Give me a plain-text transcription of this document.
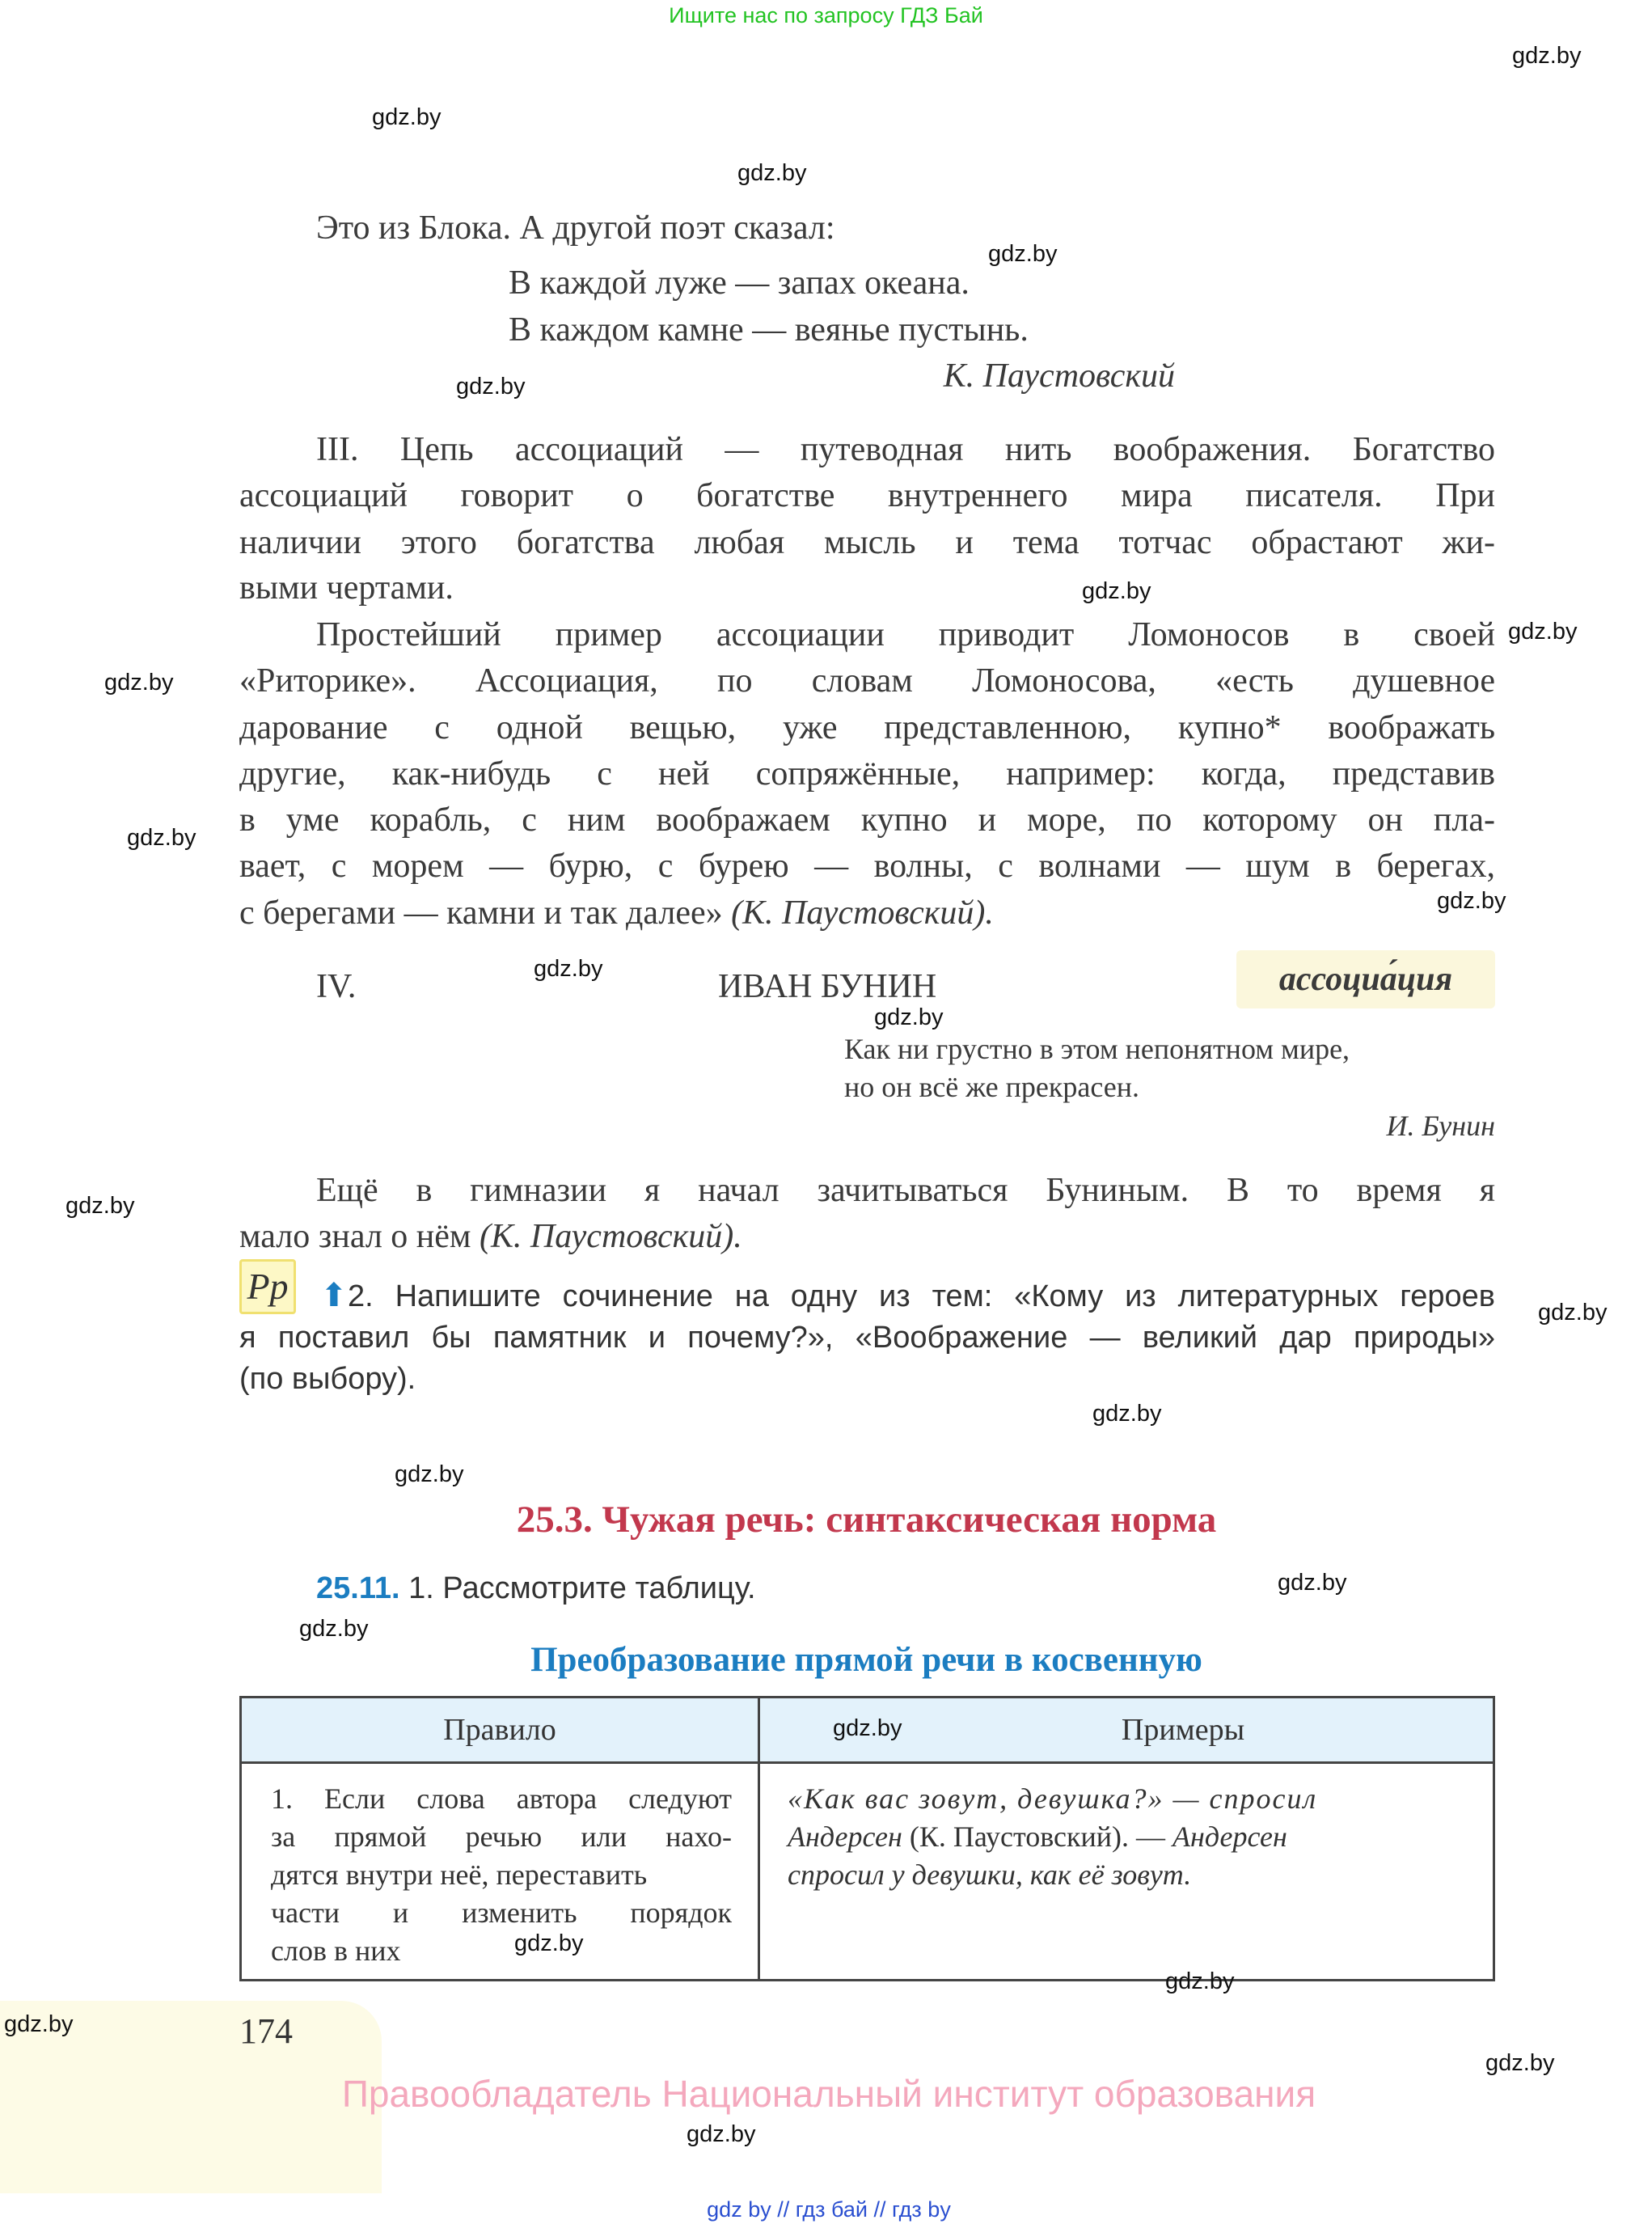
Ищите нас по запросу ГДЗ Бай
Это из Блока. А другой поэт сказал:
В каждой луже — запах океана.
В каждом камне — веянье пустынь.
К. Паустовский
III. Цепь ассоциаций — путеводная нить воображения. Богатство
ассоциаций говорит о богатстве внутреннего мира писателя. При
наличии этого богатства любая мысль и тема тотчас обрастают жи-
выми чертами.
Простейший пример ассоциации приводит Ломоносов в своей
«Риторике». Ассоциация, по словам Ломоносова, «есть душевное
дарование с одной вещью, уже представленною, купно* воображать
другие, как-нибудь с ней сопряжённые, например: когда, представив
в уме корабль, с ним воображаем купно и море, по которому он пла-
вает, с морем — бурю, с бурею — волны, с волнами — шум в берегах,
с берегами — камни и так далее» (К. Паустовский).
IV.	ИВАН БУНИН	ассоциа́ция
Как ни грустно в этом непонятном мире,
но он всё же прекрасен.
И. Бунин
Ещё в гимназии я начал зачитываться Буниным. В то время я
мало знал о нём (К. Паустовский).
Pp ⬆ 2. Напишите сочинение на одну из тем: «Кому из литературных героев
я поставил бы памятник и почему?», «Воображение — великий дар природы»
(по выбору).
25.3. Чужая речь: синтаксическая норма
25.11. 1. Рассмотрите таблицу.
Преобразование прямой речи в косвенную
Правило	Примеры

1. Если слова автора следуют
за прямой речью или нахо-
дятся внутри неё, переставить
части и изменить порядок
слов в них	«Как вас зовут, девушка?» — спросил
Андерсен (К. Паустовский). — Андерсен
спросил у девушки, как её зовут.
174
Правообладатель Национальный институт образования
gdz by // гдз бай // гдз by
gdz.by
gdz.by
gdz.by
gdz.by
gdz.by
gdz.by
gdz.by
gdz.by
gdz.by
gdz.by
gdz.by
gdz.by
gdz.by
gdz.by
gdz.by
gdz.by
gdz.by
gdz.by
gdz.by
gdz.by
gdz.by
gdz.by
gdz.by
gdz.by
